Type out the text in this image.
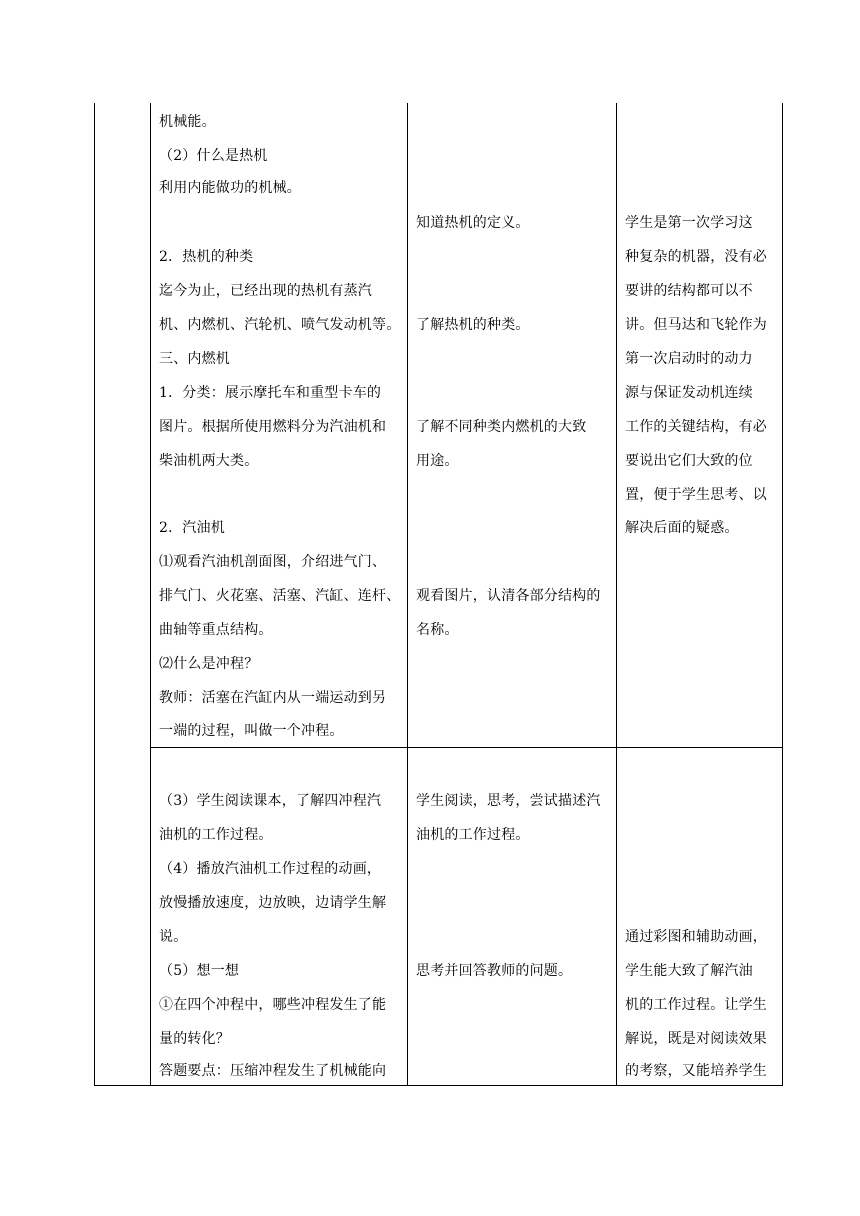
机械能。
（2）什么是热机
利用内能做功的机械。
2．热机的种类
迄今为止，已经出现的热机有蒸汽
机、内燃机、汽轮机、喷气发动机等。
三、内燃机
1．分类：展示摩托车和重型卡车的
图片。根据所使用燃料分为汽油机和
柴油机两大类。
2．汽油机
⑴观看汽油机剖面图，介绍进气门、
排气门、火花塞、活塞、汽缸、连杆、
曲轴等重点结构。
⑵什么是冲程？
教师：活塞在汽缸内从一端运动到另
一端的过程，叫做一个冲程。
知道热机的定义。
了解热机的种类。
了解不同种类内燃机的大致
用途。
观看图片，认清各部分结构的
名称。
学生是第一次学习这
种复杂的机器，没有必
要讲的结构都可以不
讲。但马达和飞轮作为
第一次启动时的动力
源与保证发动机连续
工作的关键结构，有必
要说出它们大致的位
置，便于学生思考、以
解决后面的疑惑。
（3）学生阅读课本，了解四冲程汽
油机的工作过程。
（4）播放汽油机工作过程的动画，
放慢播放速度，边放映，边请学生解
说。
（5）想一想
①在四个冲程中，哪些冲程发生了能
量的转化？
答题要点：压缩冲程发生了机械能向
学生阅读，思考，尝试描述汽
油机的工作过程。
思考并回答教师的问题。
通过彩图和辅助动画，
学生能大致了解汽油
机的工作过程。让学生
解说，既是对阅读效果
的考察，又能培养学生
